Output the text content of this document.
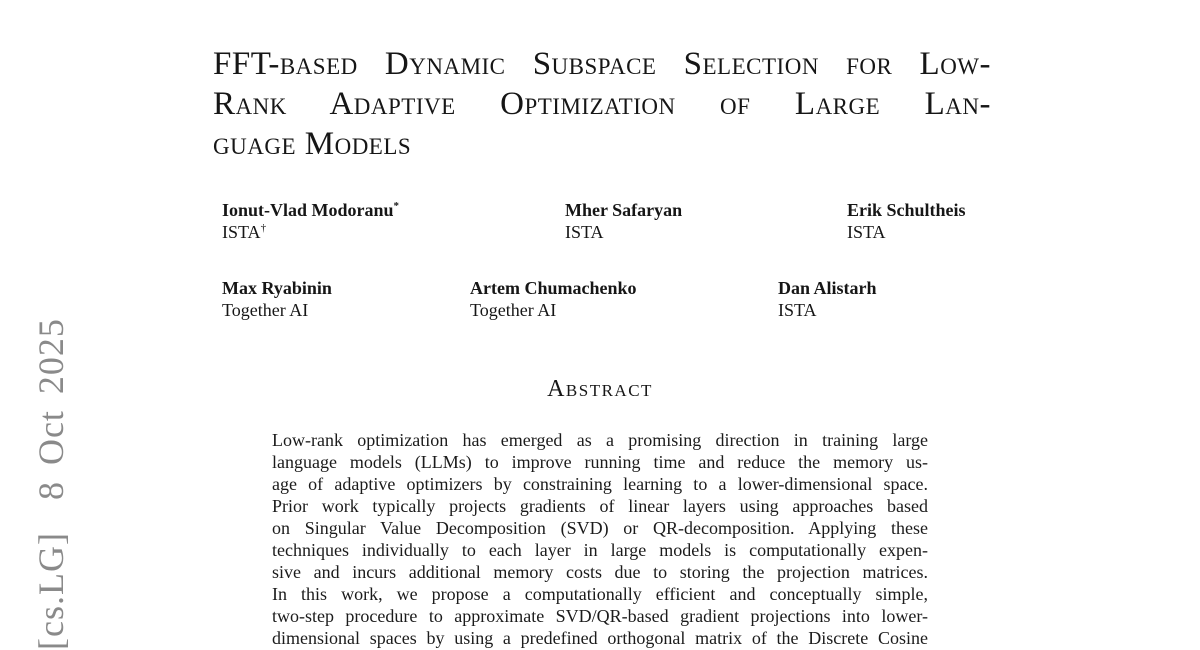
[cs.LG]  8 Oct 2025
FFT-based Dynamic Subspace Selection for Low-
Rank Adaptive Optimization of Large Lan-
guage Models
Ionut-Vlad Modoranu*
ISTA†
Mher Safaryan
ISTA
Erik Schultheis
ISTA
Max Ryabinin
Together AI
Artem Chumachenko
Together AI
Dan Alistarh
ISTA
Abstract
Low-rank optimization has emerged as a promising direction in training large
language models (LLMs) to improve running time and reduce the memory us-
age of adaptive optimizers by constraining learning to a lower-dimensional space.
Prior work typically projects gradients of linear layers using approaches based
on Singular Value Decomposition (SVD) or QR-decomposition. Applying these
techniques individually to each layer in large models is computationally expen-
sive and incurs additional memory costs due to storing the projection matrices.
In this work, we propose a computationally efficient and conceptually simple,
two-step procedure to approximate SVD/QR-based gradient projections into lower-
dimensional spaces by using a predefined orthogonal matrix of the Discrete Cosine
